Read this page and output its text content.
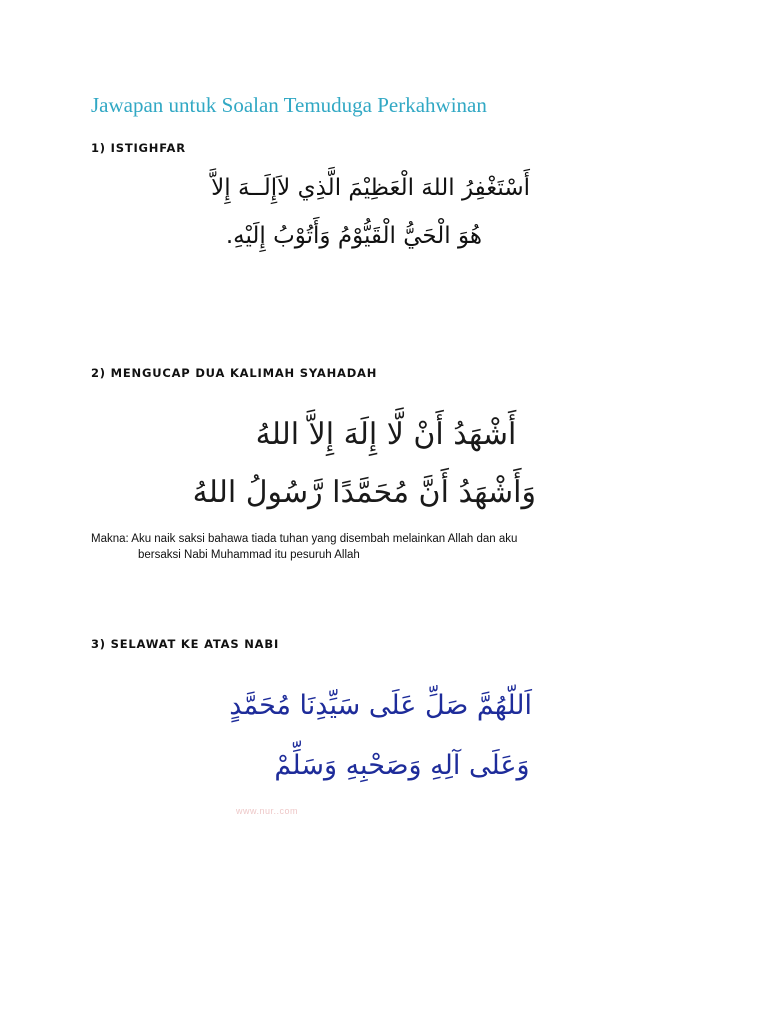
Jawapan untuk Soalan Temuduga Perkahwinan
1) ISTIGHFAR
أَسْتَغْفِرُ اللهَ الْعَظِيْمَ الَّذِي لاَإِلَــهَ إِلاَّ
هُوَ الْحَيُّ الْقَيُّوْمُ وَأَتُوْبُ إِلَيْهِ.
2) MENGUCAP DUA KALIMAH SYAHADAH
أَشْهَدُ أَنْ لَّا إِلَهَ إِلاَّ اللهُ
وَأَشْهَدُ أَنَّ مُحَمَّدًا رَّسُولُ اللهُ

Makna: Aku naik saksi bahawa tiada tuhan yang disembah melainkan Allah dan aku
bersaksi Nabi Muhammad itu pesuruh Allah

3) SELAWAT KE ATAS NABI
اَللّهُمَّ صَلِّ عَلَى سَيِّدِنَا مُحَمَّدٍ
وَعَلَى آلِهِ وَصَحْبِهِ وَسَلِّمْ
www.nur..com
